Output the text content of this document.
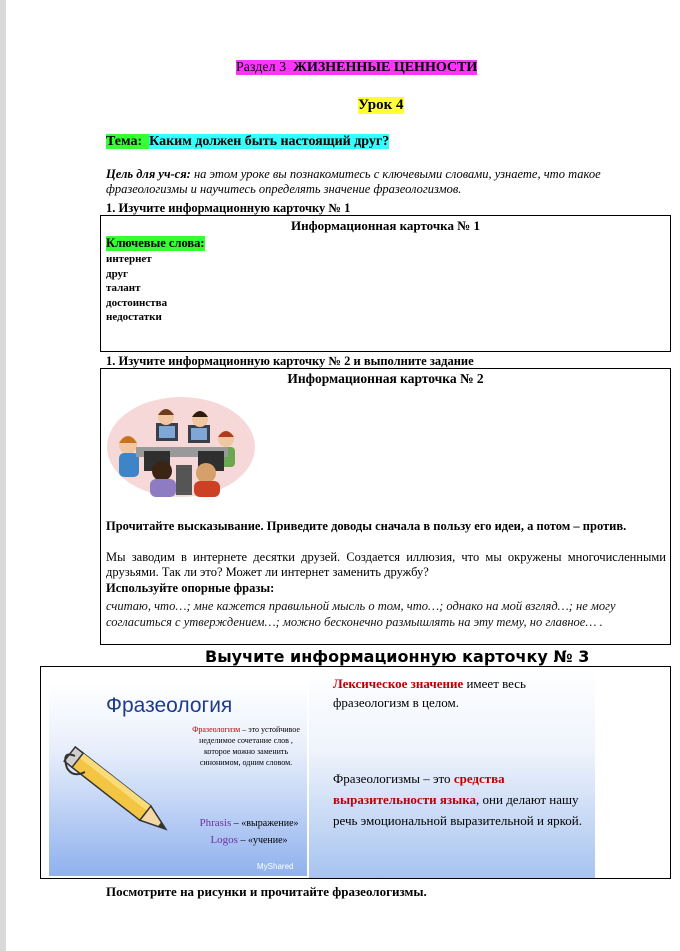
Раздел 3 ЖИЗНЕННЫЕ ЦЕННОСТИ
Урок 4
Тема: Каким должен быть настоящий друг?
Цель для уч-ся: на этом уроке вы познакомитесь с ключевыми словами, узнаете, что такое фразеологизмы и научитесь определять значение фразеологизмов.
1. Изучите информационную карточку № 1
Информационная карточка № 1
Ключевые слова:
интернет
друг
талант
достоинства
недостатки
1. Изучите информационную карточку № 2 и выполните задание
Информационная карточка № 2
Прочитайте высказывание. Приведите доводы сначала в пользу его идеи, а потом – против.
Мы заводим в интернете десятки друзей. Создается иллюзия, что мы окружены многочисленными друзьями. Так ли это? Может ли интернет заменить дружбу?
Используйте опорные фразы:
считаю, что…; мне кажется правильной мысль о том, что…; однако на мой взгляд…; не могу согласиться с утверждением…; можно бесконечно размышлять на эту тему, но главное… .
Выучите информационную карточку № 3
Фразеология
Фразеологизм – это устойчивое неделимое сочетание слов , которое можно заменить синонимом, одним словом.
Phrasis – «выражение»
Logos – «учение»
MyShared
Лексическое значение имеет весь фразеологизм в целом.
Фразеологизмы – это средства выразительности языка, они делают нашу речь эмоциональной выразительной и яркой.
Посмотрите на рисунки и прочитайте фразеологизмы.
